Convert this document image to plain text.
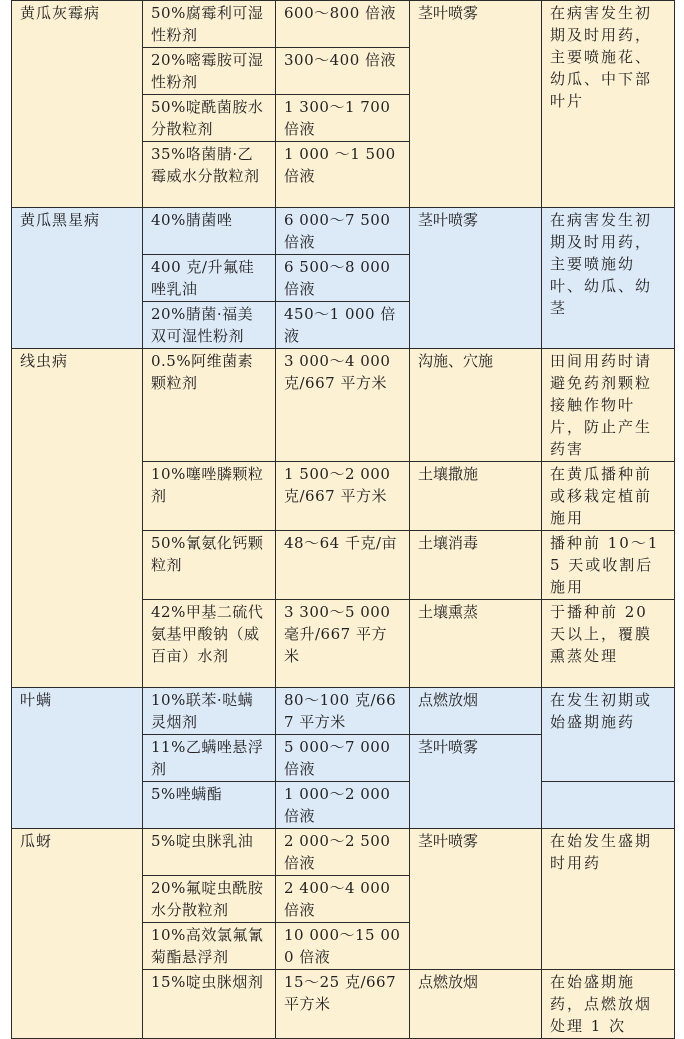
黄瓜灰霉病	50%腐霉利可湿性粉剂	600～800 倍液	茎叶喷雾	在病害发生初期及时用药，主要喷施花、幼瓜、中下部叶片
	20%嘧霉胺可湿性粉剂	300～400 倍液		
	50%啶酰菌胺水分散粒剂	1 300～1 700 倍液		
	35%咯菌腈·乙霉威水分散粒剂	1 000 ～1 500 倍液		
黄瓜黑星病	40%腈菌唑	6 000～7 500 倍液	茎叶喷雾	在病害发生初期及时用药，主要喷施幼叶、幼瓜、幼茎
	400 克/升氟硅唑乳油	6 500～8 000 倍液		
	20%腈菌·福美双可湿性粉剂	450～1 000 倍液		
线虫病	0.5%阿维菌素颗粒剂	3 000～4 000 克/667 平方米	沟施、穴施	田间用药时请避免药剂颗粒接触作物叶片，防止产生药害
	10%噻唑膦颗粒剂	1 500～2 000 克/667 平方米	土壤撒施	在黄瓜播种前或移栽定植前施用
	50%氰氨化钙颗粒剂	48～64 千克/亩	土壤消毒	播种前 10～15 天或收割后施用
	42%甲基二硫代氨基甲酸钠（威百亩）水剂	3 300～5 000 毫升/667 平方米	土壤熏蒸	于播种前 20 天以上，覆膜熏蒸处理
叶螨	10%联苯·哒螨灵烟剂	80～100 克/667 平方米	点燃放烟	在发生初期或始盛期施药
	11%乙螨唑悬浮剂	5 000～7 000 倍液	茎叶喷雾	
	5%唑螨酯	1 000～2 000 倍液		
瓜蚜	5%啶虫脒乳油	2 000～2 500 倍液	茎叶喷雾	在始发生盛期时用药
	20%氟啶虫酰胺水分散粒剂	2 400～4 000 倍液		
	10%高效氯氟氰菊酯悬浮剂	10 000～15 000 倍液		
	15%啶虫脒烟剂	15～25 克/667 平方米	点燃放烟	在始盛期施药，点燃放烟处理 1 次
